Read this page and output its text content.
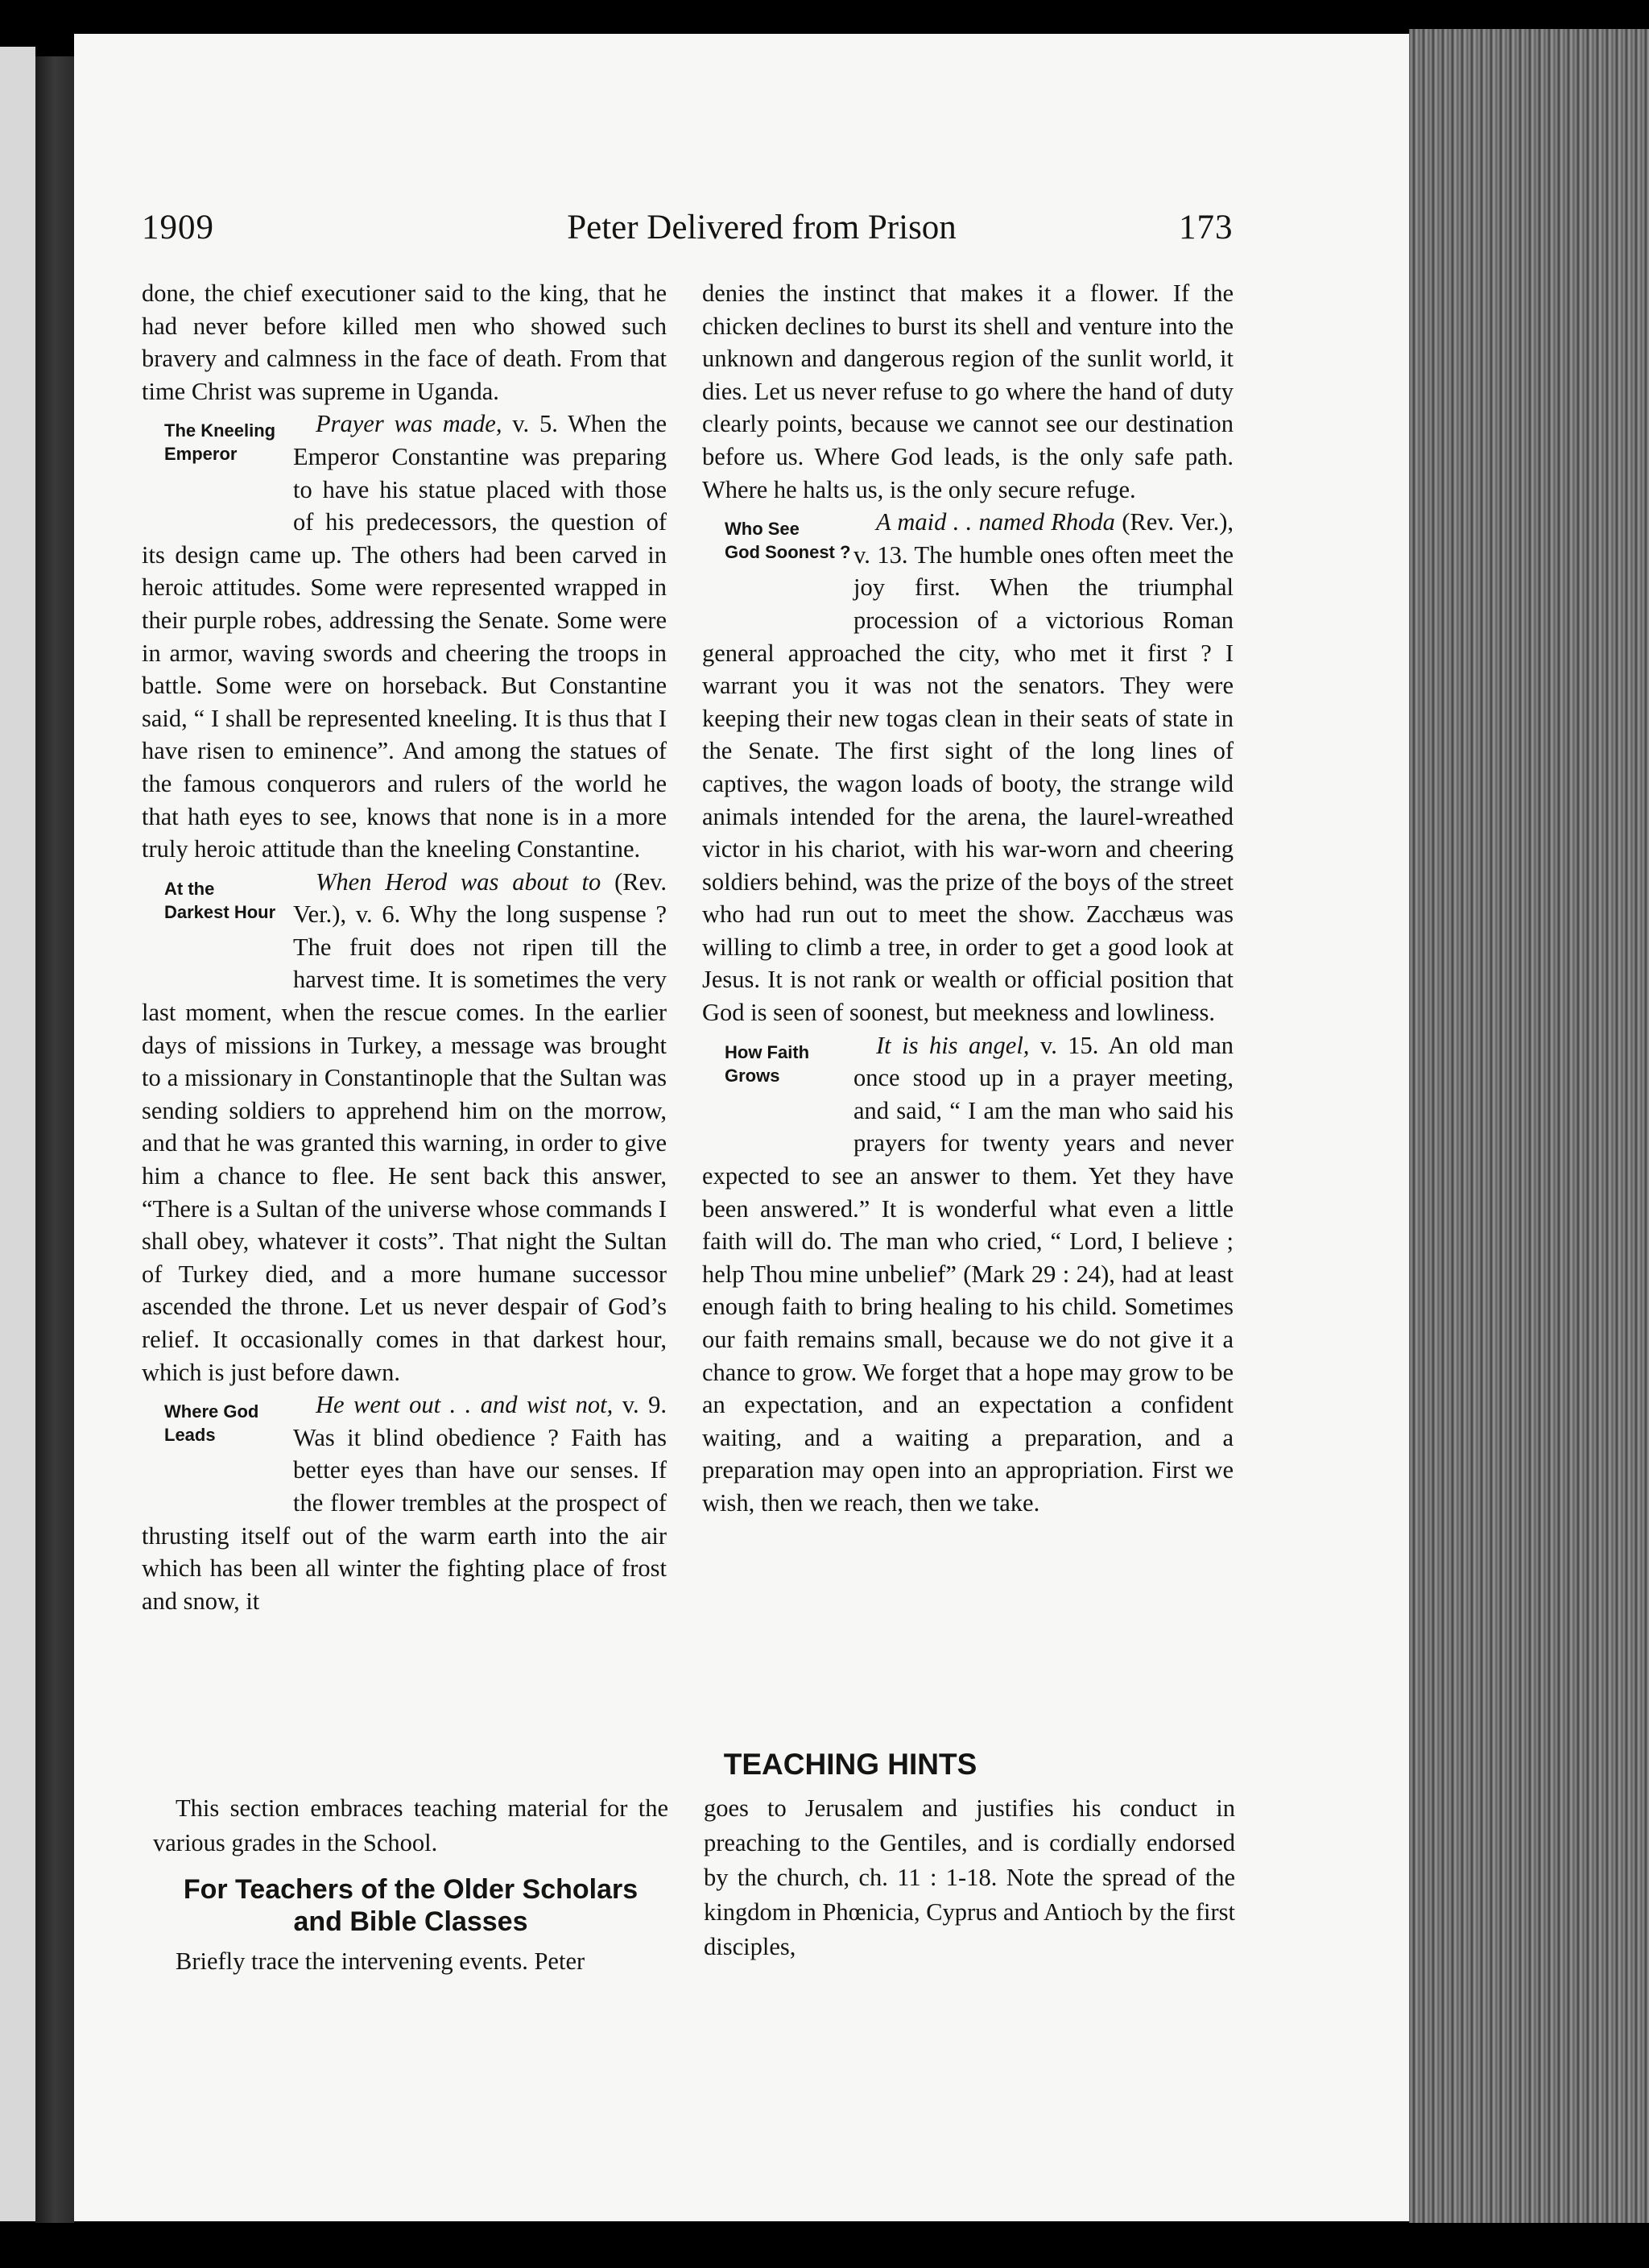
1909	Peter Delivered from Prison	173

done, the chief executioner said to the king, that he had never before killed men who showed such bravery and calmness in the face of death. From that time Christ was supreme in Uganda.

The Kneeling
Emperor
Prayer was made, v. 5. When the Emperor Constantine was preparing to have his statue placed with those of his predecessors, the question of its design came up. The others had been carved in heroic attitudes. Some were represented wrapped in their purple robes, addressing the Senate. Some were in armor, waving swords and cheering the troops in battle. Some were on horseback. But Constantine said, “ I shall be represented kneeling. It is thus that I have risen to eminence”. And among the statues of the famous conquerors and rulers of the world he that hath eyes to see, knows that none is in a more truly heroic attitude than the kneeling Constantine.

At the
Darkest Hour
When Herod was about to (Rev. Ver.), v. 6. Why the long suspense ? The fruit does not ripen till the harvest time. It is sometimes the very last moment, when the rescue comes. In the earlier days of missions in Turkey, a message was brought to a missionary in Constantinople that the Sultan was sending soldiers to apprehend him on the morrow, and that he was granted this warning, in order to give him a chance to flee. He sent back this answer, “There is a Sultan of the universe whose commands I shall obey, whatever it costs”. That night the Sultan of Turkey died, and a more humane successor ascended the throne. Let us never despair of God’s relief. It occasionally comes in that darkest hour, which is just before dawn.

Where God
Leads
He went out . . and wist not, v. 9. Was it blind obedience ? Faith has better eyes than have our senses. If the flower trembles at the prospect of thrusting itself out of the warm earth into the air which has been all winter the fighting place of frost and snow, it

denies the instinct that makes it a flower. If the chicken declines to burst its shell and venture into the unknown and dangerous region of the sunlit world, it dies. Let us never refuse to go where the hand of duty clearly points, because we cannot see our destination before us. Where God leads, is the only safe path. Where he halts us, is the only secure refuge.

Who See
God Soonest ?
A maid . . named Rhoda (Rev. Ver.), v. 13. The humble ones often meet the joy first. When the triumphal procession of a victorious Roman general approached the city, who met it first ? I warrant you it was not the senators. They were keeping their new togas clean in their seats of state in the Senate. The first sight of the long lines of captives, the wagon loads of booty, the strange wild animals intended for the arena, the laurel-wreathed victor in his chariot, with his war-worn and cheering soldiers behind, was the prize of the boys of the street who had run out to meet the show. Zacchæus was willing to climb a tree, in order to get a good look at Jesus. It is not rank or wealth or official position that God is seen of soonest, but meekness and lowliness.

How Faith
Grows
It is his angel, v. 15. An old man once stood up in a prayer meeting, and said, “ I am the man who said his prayers for twenty years and never expected to see an answer to them. Yet they have been answered.” It is wonderful what even a little faith will do. The man who cried, “ Lord, I believe ; help Thou mine unbelief” (Mark 29 : 24), had at least enough faith to bring healing to his child. Sometimes our faith remains small, because we do not give it a chance to grow. We forget that a hope may grow to be an expectation, and an expectation a confident waiting, and a waiting a preparation, and a preparation may open into an appropriation. First we wish, then we reach, then we take.

TEACHING HINTS

This section embraces teaching material for the various grades in the School.

For Teachers of the Older Scholars
and Bible Classes

Briefly trace the intervening events. Peter

goes to Jerusalem and justifies his conduct in preaching to the Gentiles, and is cordially endorsed by the church, ch. 11 : 1-18. Note the spread of the kingdom in Phœnicia, Cyprus and Antioch by the first disciples,
